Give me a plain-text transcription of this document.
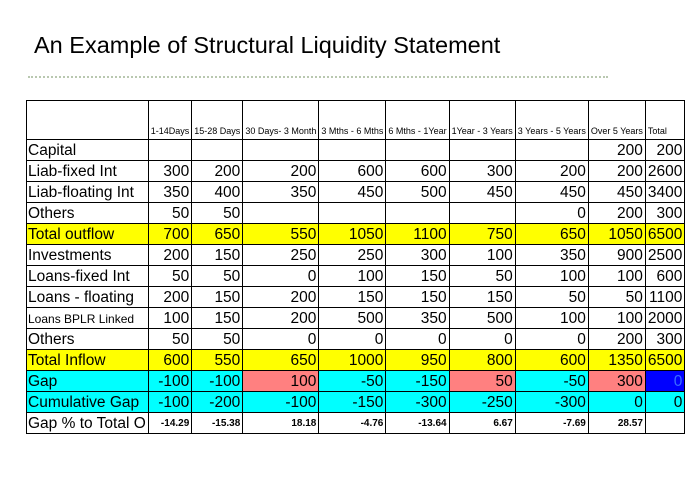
An Example of Structural Liquidity Statement
	1-14Days	15-28 Days	30 Days- 3 Month	3 Mths - 6 Mths	6 Mths - 1Year	1Year - 3 Years	3 Years - 5 Years	Over 5 Years	Total
Capital								200	200
Liab-fixed Int	300	200	200	600	600	300	200	200	2600
Liab-floating Int	350	400	350	450	500	450	450	450	3400
Others	50	50					0	200	300
Total outflow	700	650	550	1050	1100	750	650	1050	6500
Investments	200	150	250	250	300	100	350	900	2500
Loans-fixed Int	50	50	0	100	150	50	100	100	600
Loans - floating	200	150	200	150	150	150	50	50	1100
Loans BPLR Linked	100	150	200	500	350	500	100	100	2000
Others	50	50	0	0	0	0	0	200	300
Total Inflow	600	550	650	1000	950	800	600	1350	6500
Gap	-100	-100	100	-50	-150	50	-50	300	0
Cumulative Gap	-100	-200	-100	-150	-300	-250	-300	0	0
Gap % to Total O	-14.29	-15.38	18.18	-4.76	-13.64	6.67	-7.69	28.57	
